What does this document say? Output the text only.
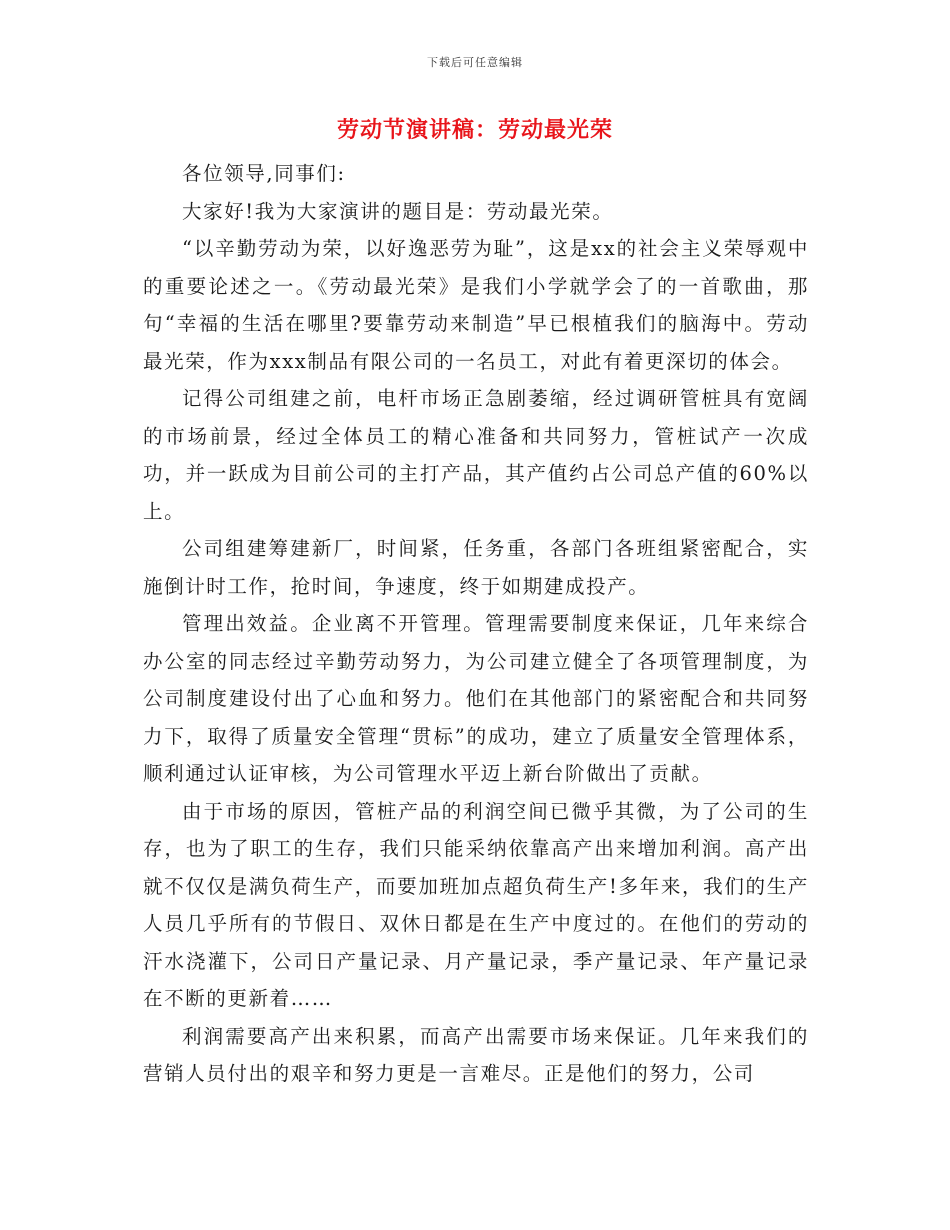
下载后可任意编辑
劳动节演讲稿：劳动最光荣

各位领导,同事们:

大家好!我为大家演讲的题目是：劳动最光荣。

“以辛勤劳动为荣，以好逸恶劳为耻”，这是xx的社会主义荣辱观中的重要论述之一。《劳动最光荣》是我们小学就学会了的一首歌曲，那句“幸福的生活在哪里?要靠劳动来制造”早已根植我们的脑海中。劳动最光荣，作为xxx制品有限公司的一名员工，对此有着更深切的体会。

记得公司组建之前，电杆市场正急剧萎缩，经过调研管桩具有宽阔的市场前景，经过全体员工的精心准备和共同努力，管桩试产一次成功，并一跃成为目前公司的主打产品，其产值约占公司总产值的60%以上。

公司组建筹建新厂，时间紧，任务重，各部门各班组紧密配合，实施倒计时工作，抢时间，争速度，终于如期建成投产。

管理出效益。企业离不开管理。管理需要制度来保证，几年来综合办公室的同志经过辛勤劳动努力，为公司建立健全了各项管理制度，为公司制度建设付出了心血和努力。他们在其他部门的紧密配合和共同努力下，取得了质量安全管理“贯标”的成功，建立了质量安全管理体系，顺利通过认证审核，为公司管理水平迈上新台阶做出了贡献。

由于市场的原因，管桩产品的利润空间已微乎其微，为了公司的生存，也为了职工的生存，我们只能采纳依靠高产出来增加利润。高产出就不仅仅是满负荷生产，而要加班加点超负荷生产!多年来，我们的生产人员几乎所有的节假日、双休日都是在生产中度过的。在他们的劳动的汗水浇灌下，公司日产量记录、月产量记录，季产量记录、年产量记录在不断的更新着……

利润需要高产出来积累，而高产出需要市场来保证。几年来我们的营销人员付出的艰辛和努力更是一言难尽。正是他们的努力，公司
